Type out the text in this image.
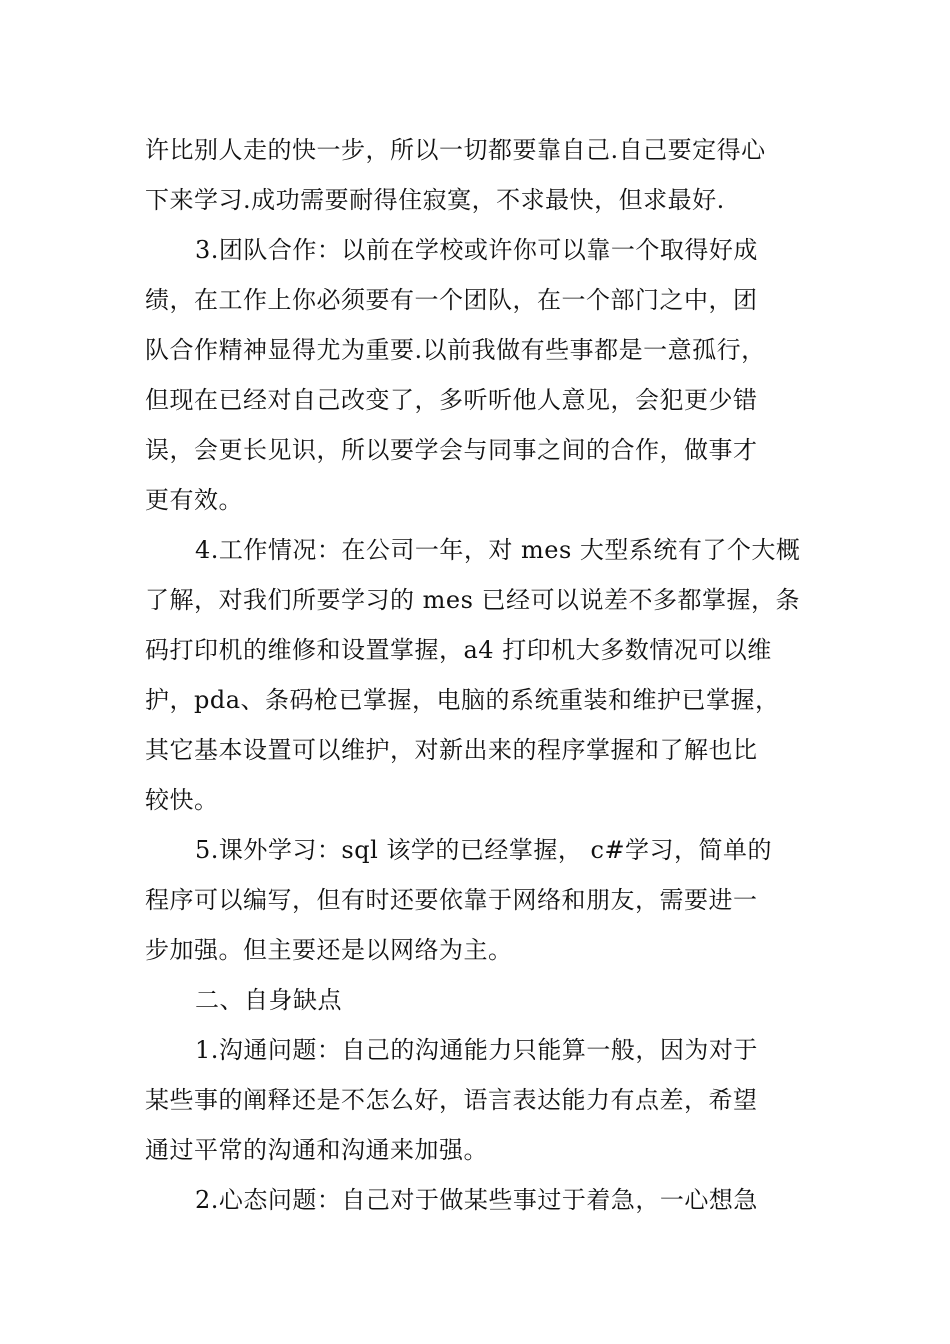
许比别人走的快一步，所以一切都要靠自己.自己要定得心
下来学习.成功需要耐得住寂寞，不求最快，但求最好.
3.团队合作：以前在学校或许你可以靠一个取得好成
绩，在工作上你必须要有一个团队，在一个部门之中，团
队合作精神显得尤为重要.以前我做有些事都是一意孤行，
但现在已经对自己改变了，多听听他人意见，会犯更少错
误，会更长见识，所以要学会与同事之间的合作，做事才
更有效。
4.工作情况：在公司一年，对 mes 大型系统有了个大概
了解，对我们所要学习的 mes 已经可以说差不多都掌握，条
码打印机的维修和设置掌握，a4 打印机大多数情况可以维
护，pda、条码枪已掌握，电脑的系统重装和维护已掌握，
其它基本设置可以维护，对新出来的程序掌握和了解也比
较快。
5.课外学习：sql 该学的已经掌握， c#学习，简单的
程序可以编写，但有时还要依靠于网络和朋友，需要进一
步加强。但主要还是以网络为主。
二、自身缺点
1.沟通问题：自己的沟通能力只能算一般，因为对于
某些事的阐释还是不怎么好，语言表达能力有点差，希望
通过平常的沟通和沟通来加强。
2.心态问题：自己对于做某些事过于着急，一心想急
